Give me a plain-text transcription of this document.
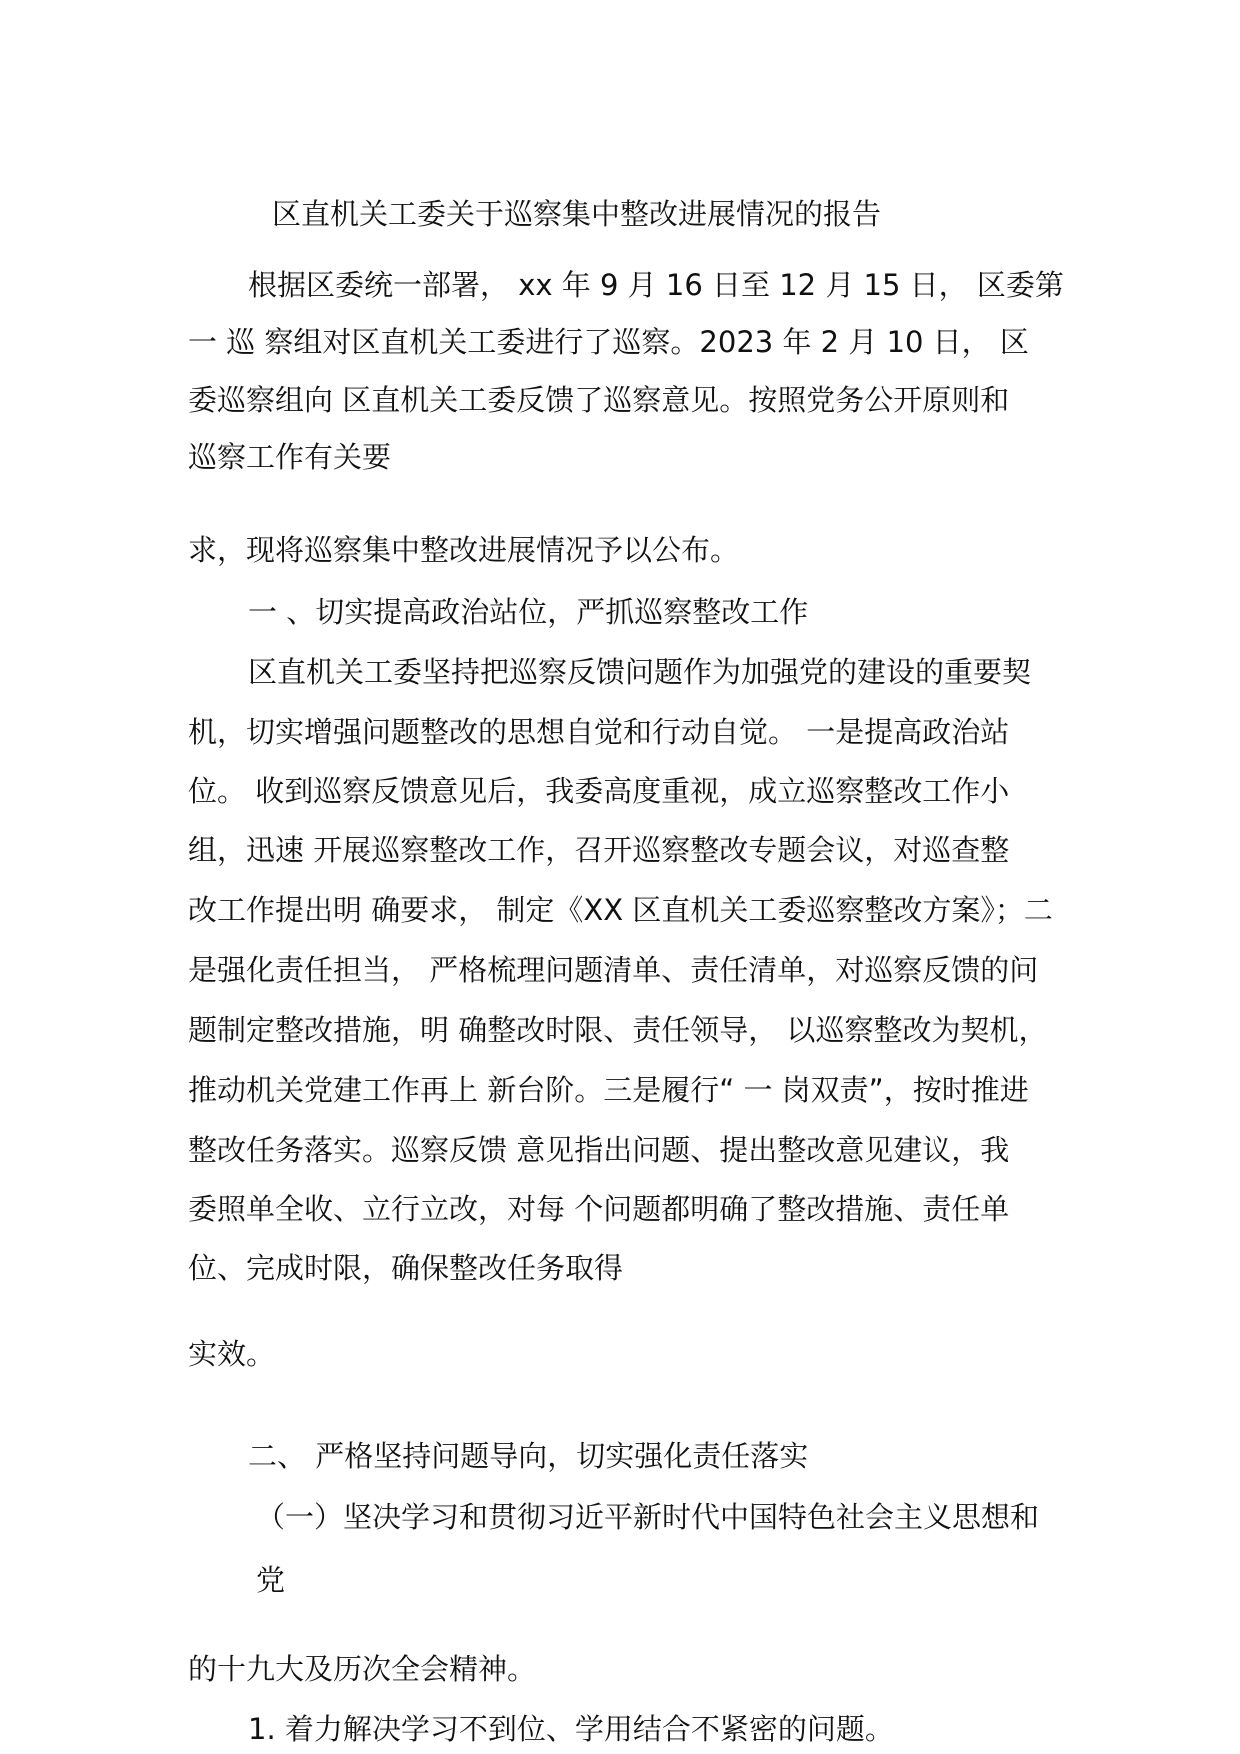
区直机关工委关于巡察集中整改进展情况的报告
根据区委统一部署， xx 年 9 月 16 日至 12 月 15 日， 区委第
一 巡 察组对区直机关工委进行了巡察。2023 年 2 月 10 日， 区
委巡察组向 区直机关工委反馈了巡察意见。按照党务公开原则和
巡察工作有关要
求，现将巡察集中整改进展情况予以公布。
一 、切实提高政治站位，严抓巡察整改工作
区直机关工委坚持把巡察反馈问题作为加强党的建设的重要契
机，切实增强问题整改的思想自觉和行动自觉。 一是提高政治站
位。 收到巡察反馈意见后，我委高度重视，成立巡察整改工作小
组，迅速 开展巡察整改工作，召开巡察整改专题会议，对巡查整
改工作提出明 确要求， 制定《XX 区直机关工委巡察整改方案》；二
是强化责任担当， 严格梳理问题清单、责任清单，对巡察反馈的问
题制定整改措施，明 确整改时限、责任领导， 以巡察整改为契机，
推动机关党建工作再上 新台阶。三是履行“ 一 岗双责”，按时推进
整改任务落实。巡察反馈 意见指出问题、提出整改意见建议，我
委照单全收、立行立改，对每 个问题都明确了整改措施、责任单
位、完成时限，确保整改任务取得
实效。
二、 严格坚持问题导向，切实强化责任落实
（一）坚决学习和贯彻习近平新时代中国特色社会主义思想和
党
的十九大及历次全会精神。
1. 着力解决学习不到位、学用结合不紧密的问题。
